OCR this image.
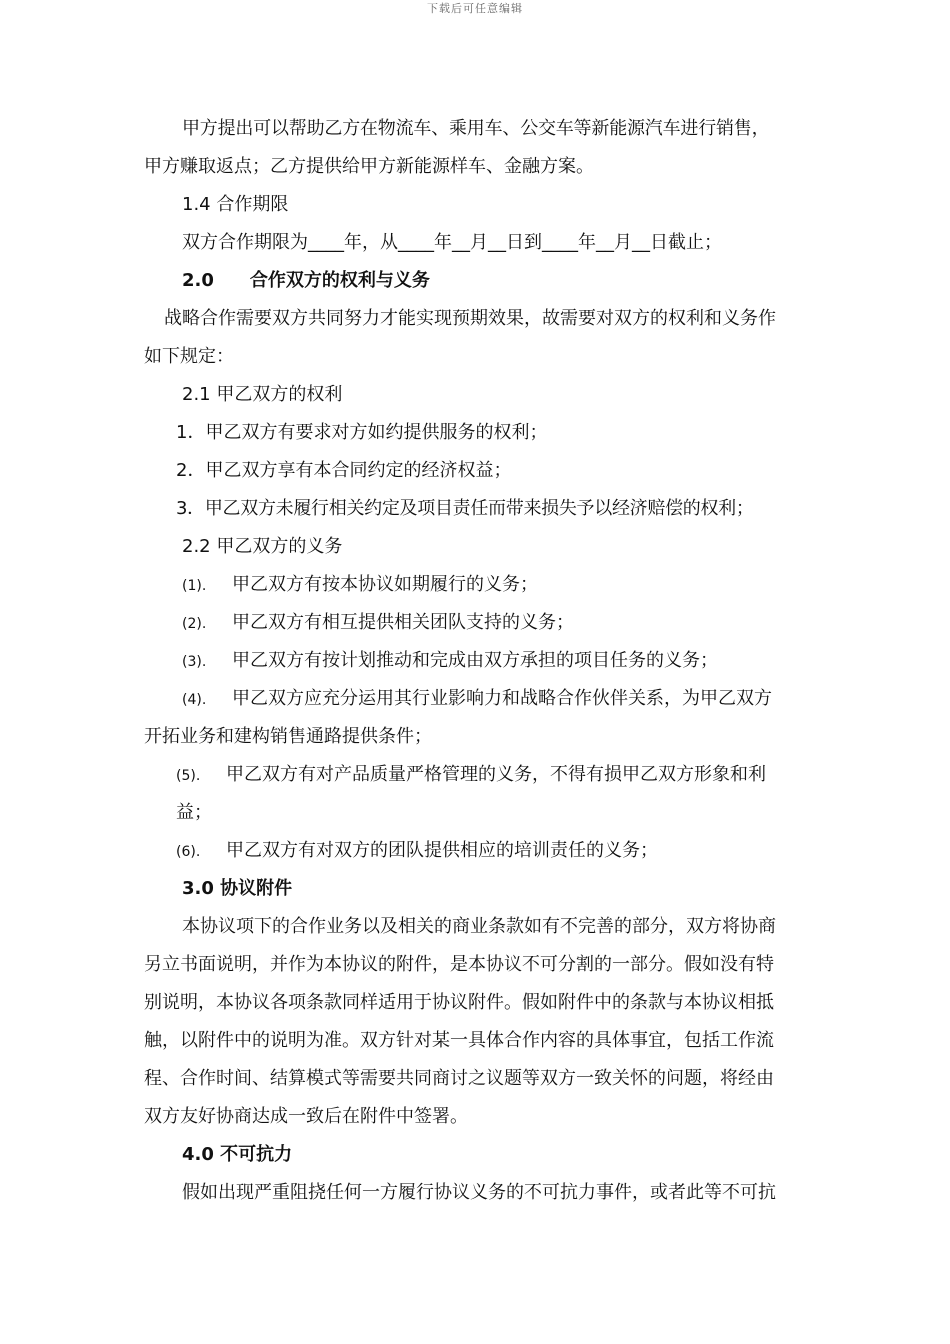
下载后可任意编辑
甲方提出可以帮助乙方在物流车、乘用车、公交车等新能源汽车进行销售，
甲方赚取返点；乙方提供给甲方新能源样车、金融方案。
1.4 合作期限
双方合作期限为____年，从____年__月__日到____年__月__日截止；
2.0　　合作双方的权利与义务
战略合作需要双方共同努力才能实现预期效果，故需要对双方的权利和义务作
如下规定：
2.1 甲乙双方的权利
1．甲乙双方有要求对方如约提供服务的权利；
2．甲乙双方享有本合同约定的经济权益；
3．甲乙双方未履行相关约定及项目责任而带来损失予以经济赔偿的权利；
2.2 甲乙双方的义务
(1). 甲乙双方有按本协议如期履行的义务；
(2). 甲乙双方有相互提供相关团队支持的义务；
(3). 甲乙双方有按计划推动和完成由双方承担的项目任务的义务；
(4). 甲乙双方应充分运用其行业影响力和战略合作伙伴关系，为甲乙双方
开拓业务和建构销售通路提供条件；
(5). 甲乙双方有对产品质量严格管理的义务，不得有损甲乙双方形象和利
益；
(6). 甲乙双方有对双方的团队提供相应的培训责任的义务；
3.0 协议附件
本协议项下的合作业务以及相关的商业条款如有不完善的部分，双方将协商
另立书面说明，并作为本协议的附件，是本协议不可分割的一部分。假如没有特
别说明，本协议各项条款同样适用于协议附件。假如附件中的条款与本协议相抵
触，以附件中的说明为准。双方针对某一具体合作内容的具体事宜，包括工作流
程、合作时间、结算模式等需要共同商讨之议题等双方一致关怀的问题，将经由
双方友好协商达成一致后在附件中签署。
4.0 不可抗力
假如出现严重阻挠任何一方履行协议义务的不可抗力事件，或者此等不可抗
